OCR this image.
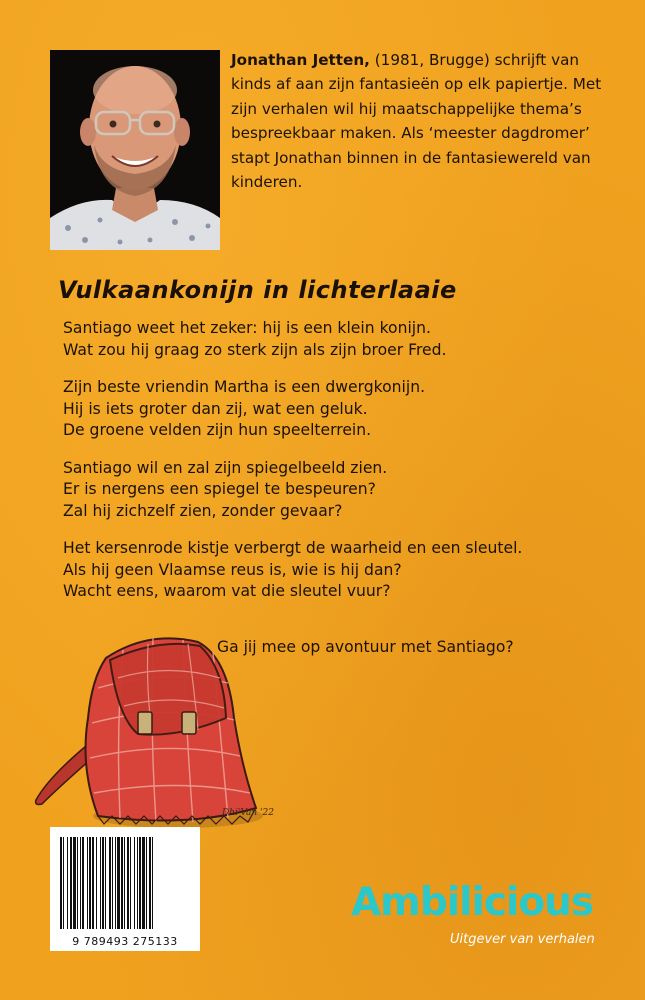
Jonathan Jetten, (1981, Brugge) schrijft van kinds af aan zijn fantasieën op elk papiertje. Met zijn verhalen wil hij maatschappelijke thema’s bespreekbaar maken. Als ‘meester dagdromer’ stapt Jonathan binnen in de fantasiewereld van kinderen.

Vulkaankonijn in lichterlaaie

Santiago weet het zeker: hij is een klein konijn.
Wat zou hij graag zo sterk zijn als zijn broer Fred.

Zijn beste vriendin Martha is een dwergkonijn.
Hij is iets groter dan zij, wat een geluk.
De groene velden zijn hun speelterrein.

Santiago wil en zal zijn spiegelbeeld zien.
Er is nergens een spiegel te bespeuren?
Zal hij zichzelf zien, zonder gevaar?

Het kersenrode kistje verbergt de waarheid en een sleutel.
Als hij geen Vlaamse reus is, wie is hij dan?
Wacht eens, waarom vat die sleutel vuur?

Ga jij mee op avontuur met Santiago?

Dhi'Van '22
9 789493 275133
Ambilicious
Uitgever van verhalen
